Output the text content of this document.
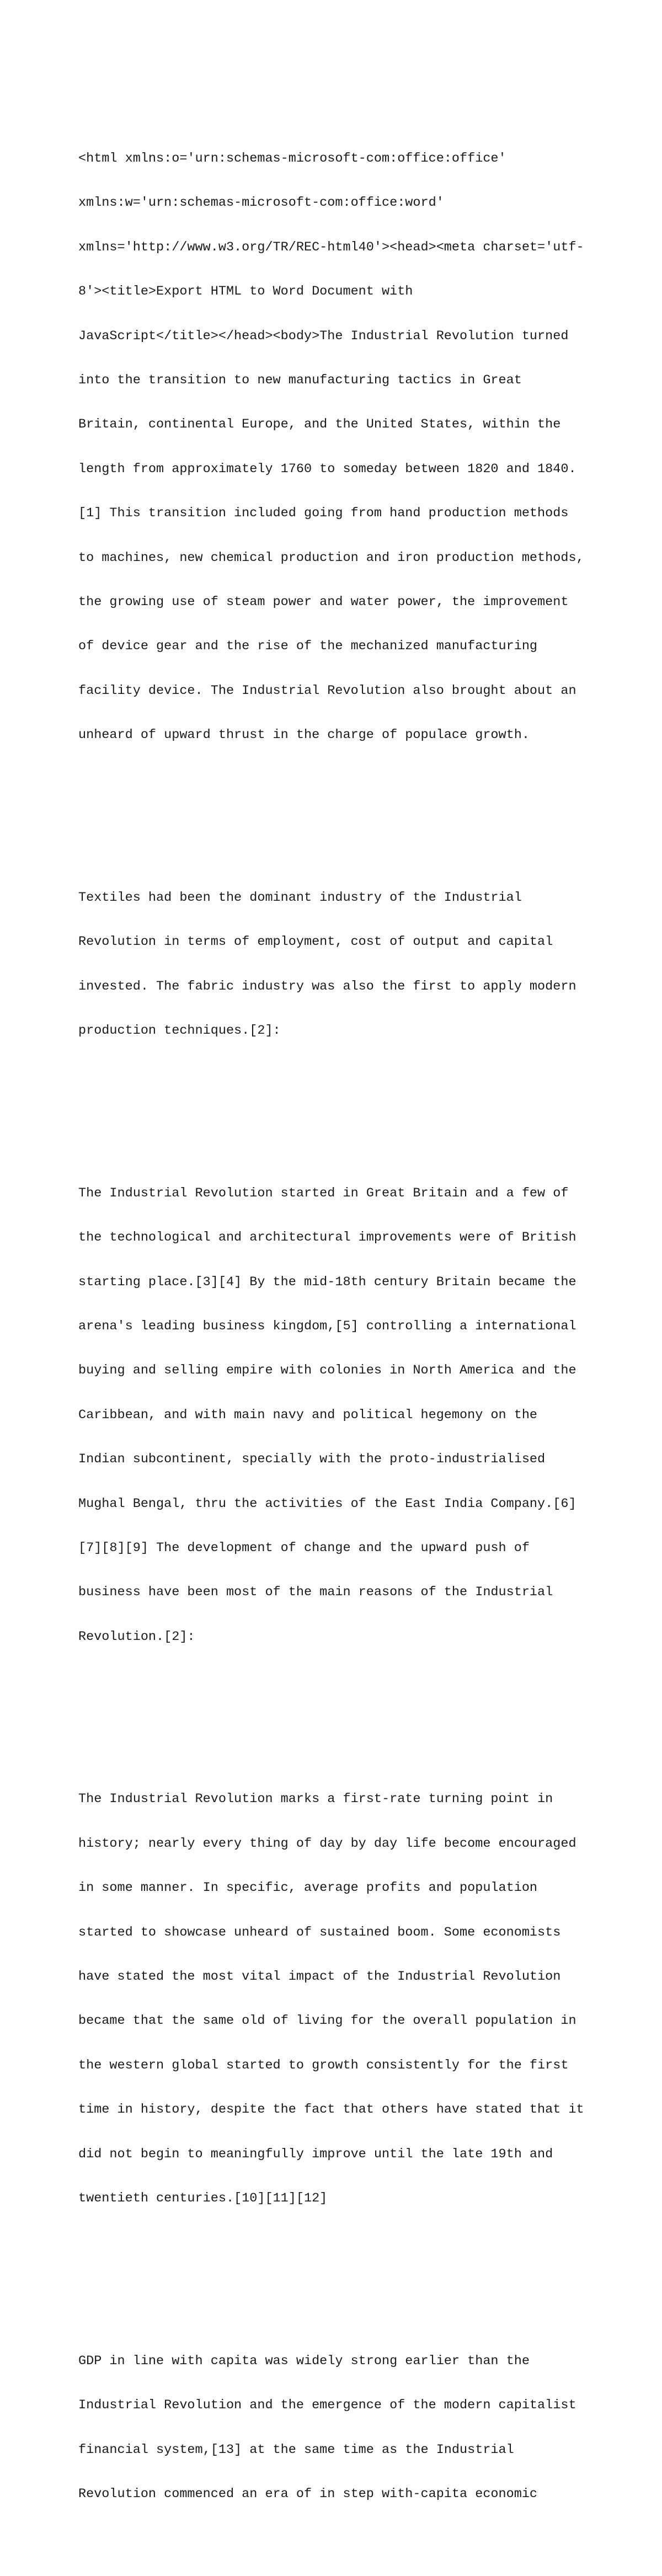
<html xmlns:o='urn:schemas-microsoft-com:office:office'

xmlns:w='urn:schemas-microsoft-com:office:word'

xmlns='http://www.w3.org/TR/REC-html40'><head><meta charset='utf-

8'><title>Export HTML to Word Document with

JavaScript</title></head><body>The Industrial Revolution turned

into the transition to new manufacturing tactics in Great

Britain, continental Europe, and the United States, within the

length from approximately 1760 to someday between 1820 and 1840.

[1] This transition included going from hand production methods

to machines, new chemical production and iron production methods,

the growing use of steam power and water power, the improvement

of device gear and the rise of the mechanized manufacturing

facility device. The Industrial Revolution also brought about an

unheard of upward thrust in the charge of populace growth.

Textiles had been the dominant industry of the Industrial

Revolution in terms of employment, cost of output and capital

invested. The fabric industry was also the first to apply modern

production techniques.[2]:

The Industrial Revolution started in Great Britain and a few of

the technological and architectural improvements were of British

starting place.[3][4] By the mid-18th century Britain became the

arena's leading business kingdom,[5] controlling a international

buying and selling empire with colonies in North America and the

Caribbean, and with main navy and political hegemony on the

Indian subcontinent, specially with the proto-industrialised

Mughal Bengal, thru the activities of the East India Company.[6]

[7][8][9] The development of change and the upward push of

business have been most of the main reasons of the Industrial

Revolution.[2]:

The Industrial Revolution marks a first-rate turning point in

history; nearly every thing of day by day life become encouraged

in some manner. In specific, average profits and population

started to showcase unheard of sustained boom. Some economists

have stated the most vital impact of the Industrial Revolution

became that the same old of living for the overall population in

the western global started to growth consistently for the first

time in history, despite the fact that others have stated that it

did not begin to meaningfully improve until the late 19th and

twentieth centuries.[10][11][12]

GDP in line with capita was widely strong earlier than the

Industrial Revolution and the emergence of the modern capitalist

financial system,[13] at the same time as the Industrial

Revolution commenced an era of in step with-capita economic
